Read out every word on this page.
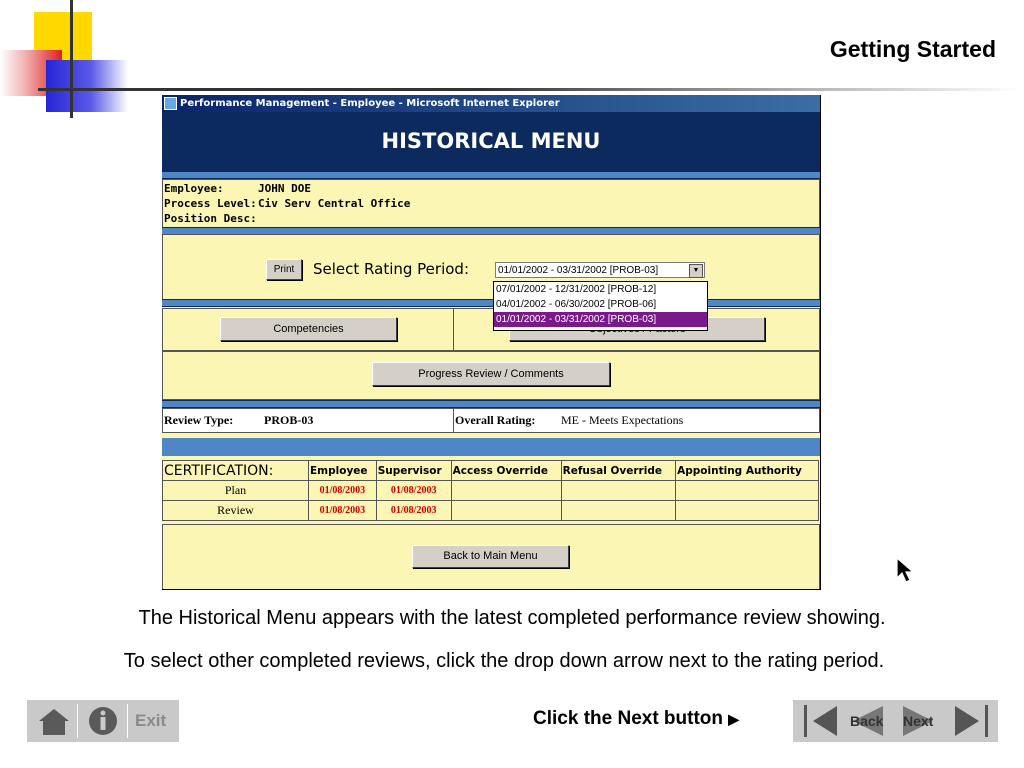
Getting Started
Performance Management - Employee - Microsoft Internet Explorer
HISTORICAL MENU
Employee:	JOHN DOE
Process Level: Civ Serv Central Office
Position Desc:
Print	Select Rating Period:	01/01/2002 - 03/31/2002 [PROB-03]	▼
Competencies
Progress Review / Comments
Review Type:	PROB-03	Overall Rating: ME - Meets Expectations
CERTIFICATION:	Employee	Supervisor	Access Override	Refusal Override	Appointing Authority
Plan	01/08/2003	01/08/2003			
Review	01/08/2003	01/08/2003			
Back to Main Menu
07/01/2002 - 12/31/2002 [PROB-12]
04/01/2002 - 06/30/2002 [PROB-06]
01/01/2002 - 03/31/2002 [PROB-03]
The Historical Menu appears with the latest completed performance review showing.
To select other completed reviews, click the drop down arrow next to the rating period.
Exit	Click the Next button ▶	Back Next
